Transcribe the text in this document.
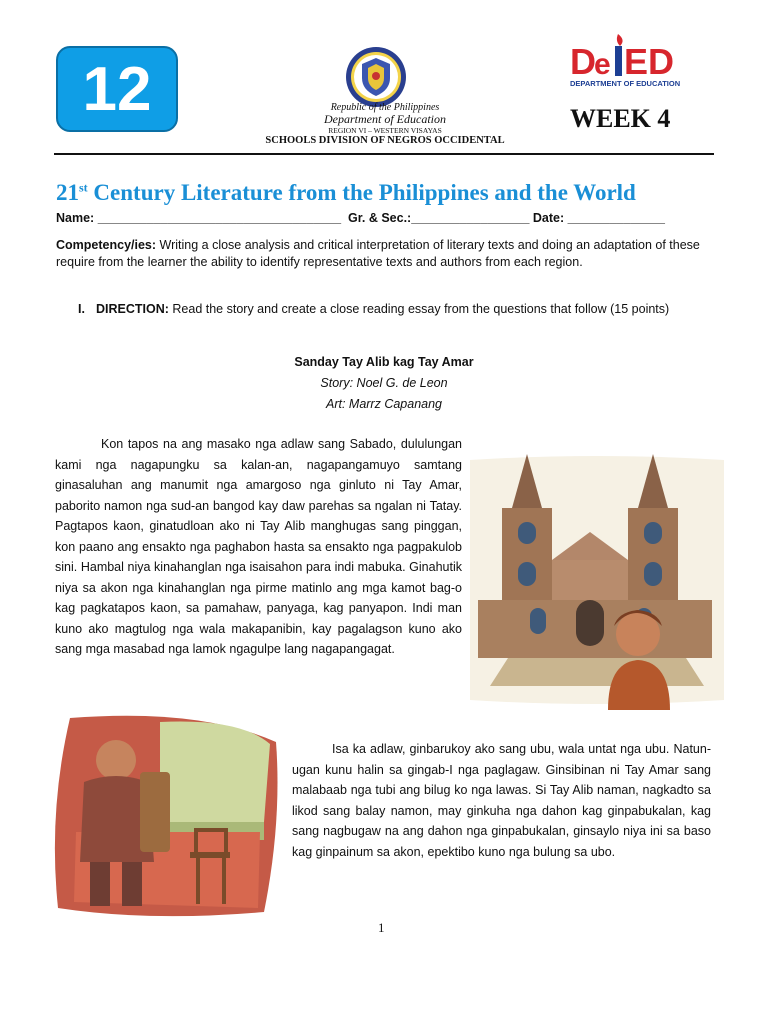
12	Republic of the Philippines
Department of Education
REGION VI – WESTERN VISAYAS
SCHOOLS DIVISION OF NEGROS OCCIDENTAL
D
e ED
DEPARTMENT OF EDUCATION
WEEK 4
21st Century Literature from the Philippines and the World
Name: ___________________________________ Gr. & Sec.:_________________ Date: ______________
Competency/ies: Writing a close analysis and critical interpretation of literary texts and doing an adaptation of these require from the learner the ability to identify representative texts and authors from each region.
I. DIRECTION: Read the story and create a close reading essay from the questions that follow (15 points)
Sanday Tay Alib kag Tay Amar
Story: Noel G. de Leon
Art: Marrz Capanang
Kon tapos na ang masako nga adlaw sang Sabado, dululungan kami nga nagapungku sa kalan-an, nagapangamuyo samtang ginasaluhan ang manumit nga amargoso nga ginluto ni Tay Amar, paborito namon nga sud-an bangod kay daw parehas sa ngalan ni Tatay. Pagtapos kaon, ginatudloan ako ni Tay Alib manghugas sang pinggan, kon paano ang ensakto nga paghabon hasta sa ensakto nga pagpakulob sini. Hambal niya kinahanglan nga isaisahon para indi mabuka. Ginahutik niya sa akon nga kinahanglan nga pirme matinlo ang mga kamot bag-o kag pagkatapos kaon, sa pamahaw, panyaga, kag panyapon. Indi man kuno ako magtulog nga wala makapanibin, kay pagalagson kuno ako sang mga masabad nga lamok ngagulpe lang nagapangagat.
Isa ka adlaw, ginbarukoy ako sang ubu, wala untat nga ubu. Natun-ugan kunu halin sa gingab-I nga paglagaw. Ginsibinan ni Tay Amar sang malabaab nga tubi ang bilug ko nga lawas. Si Tay Alib naman, nagkadto sa likod sang balay namon, may ginkuha nga dahon kag ginpabukalan, kag sang nagbugaw na ang dahon nga ginpabukalan, ginsaylo niya ini sa baso kag ginpainum sa akon, epektibo kuno nga bulung sa ubo.
1
